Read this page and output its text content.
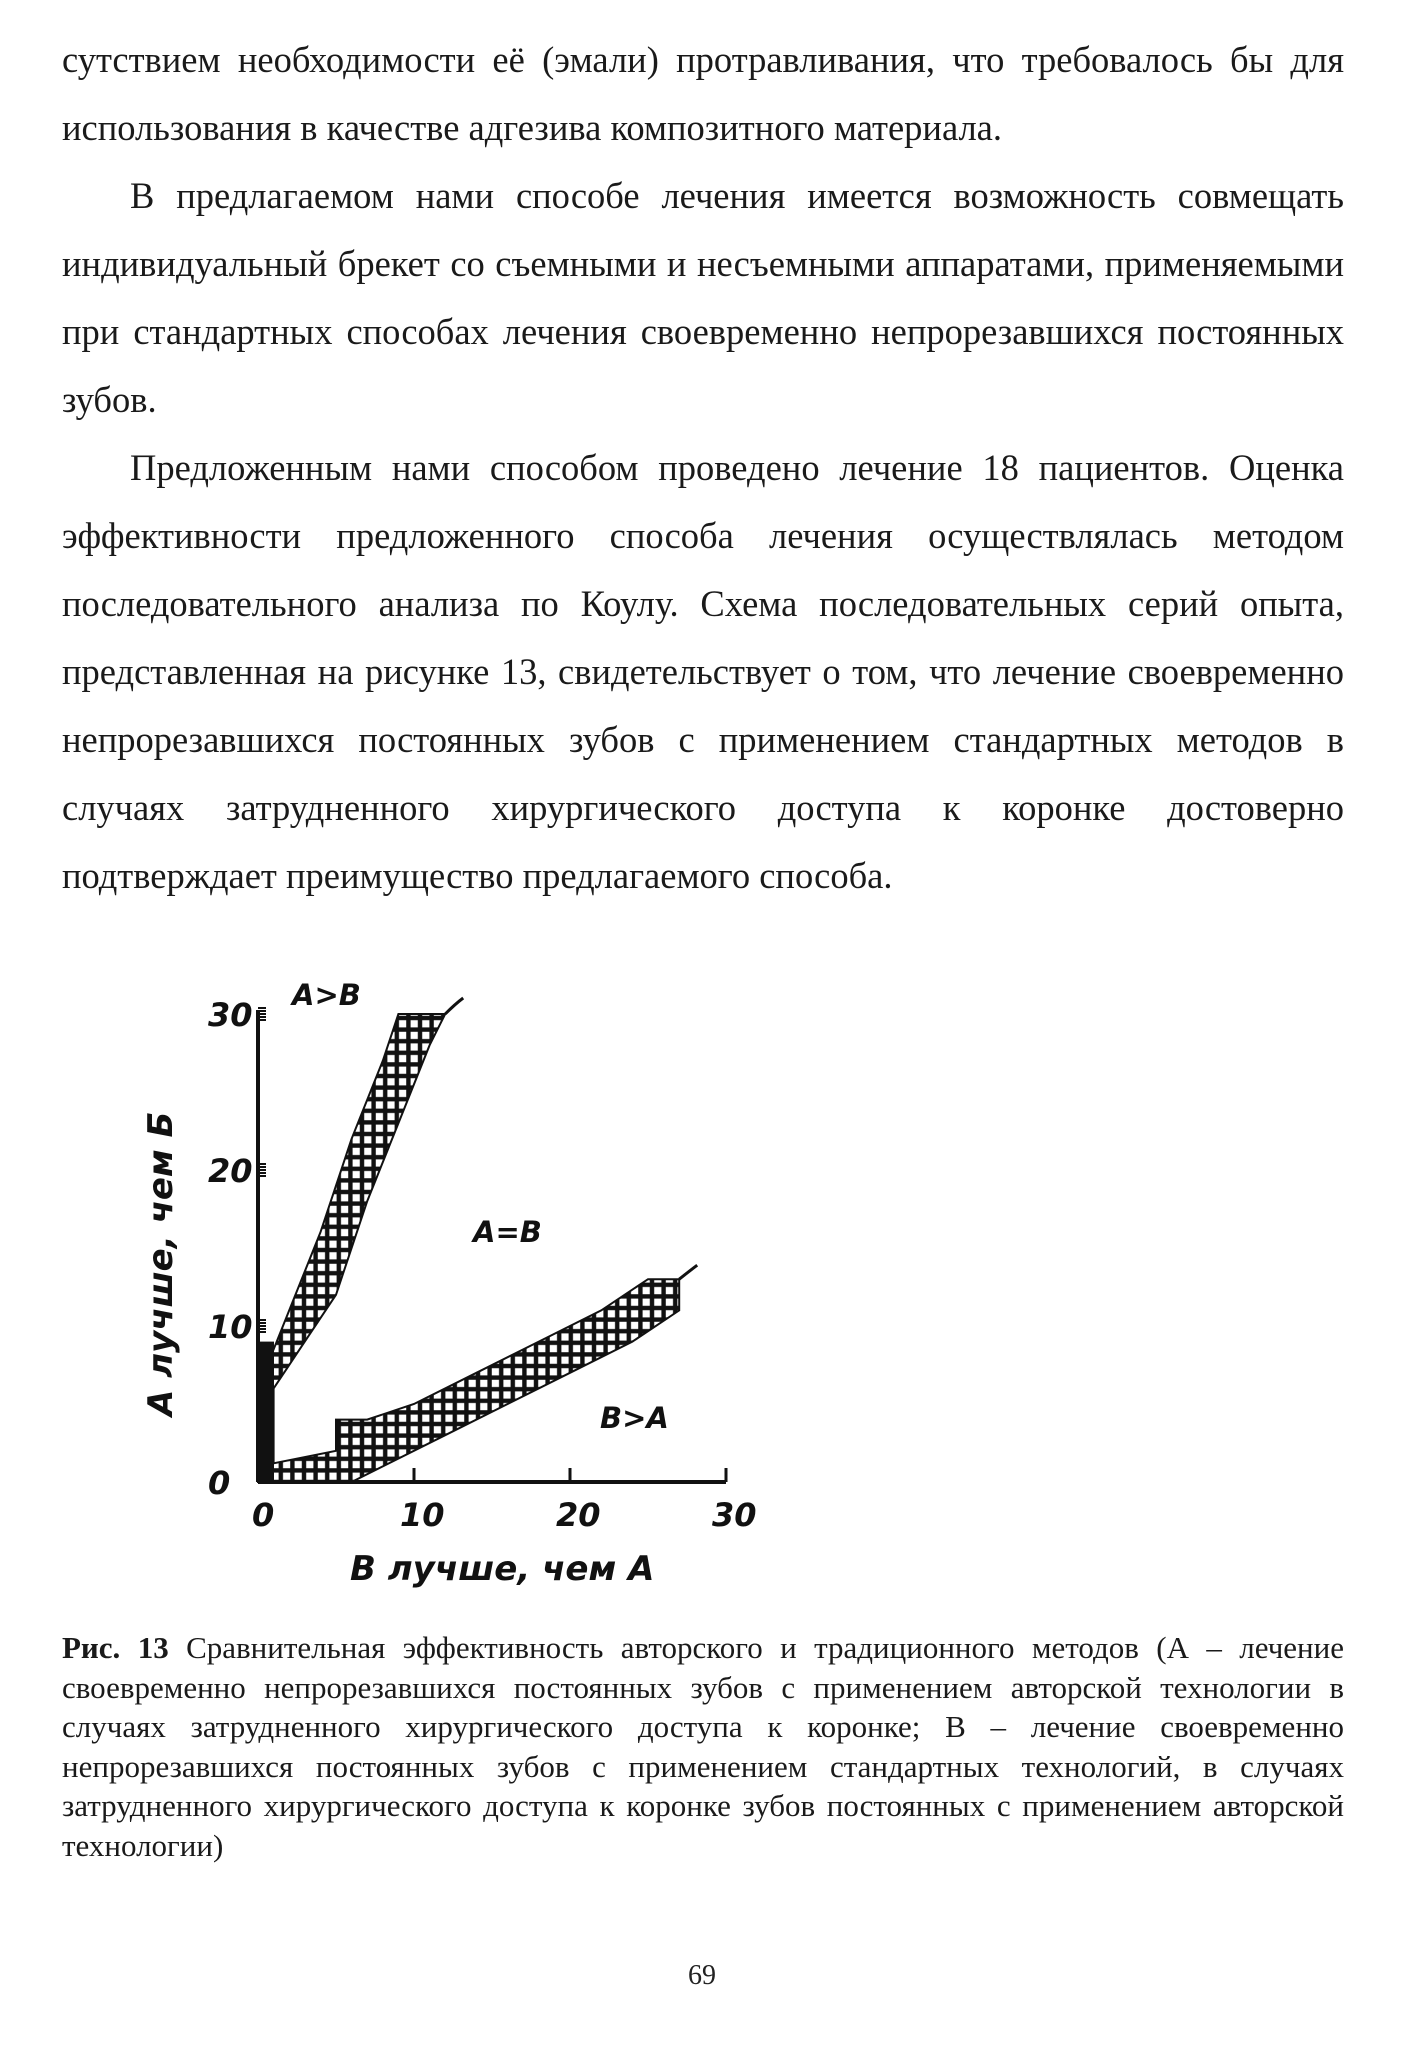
сутствием необходимости её (эмали) протравливания, что требовалось бы для использования в качестве адгезива композитного материала.

В предлагаемом нами способе лечения имеется возможность совмещать индивидуальный брекет со съемными и несъемными аппаратами, применяемыми при стандартных способах лечения своевременно непрорезавшихся постоянных зубов.

Предложенным нами способом проведено лечение 18 пациентов. Оценка эффективности предложенного способа лечения осуществлялась методом последовательного анализа по Коулу. Схема последовательных серий опыта, представленная на рисунке 13, свидетельствует о том, что лечение своевременно непрорезавшихся постоянных зубов с применением стандартных методов в случаях затрудненного хирургического доступа к коронке достоверно подтверждает преимущество предлагаемого способа.

0
10
20
30
0	10	20	30
А>В
А=В
В>А
А лучше, чем Б
В лучше, чем А

Рис. 13 Сравнительная эффективность авторского и традиционного методов (А – лечение своевременно непрорезавшихся постоянных зубов с применением авторской технологии в случаях затрудненного хирургического доступа к коронке; В – лечение своевременно непрорезавшихся постоянных зубов с применением стандартных технологий, в случаях затрудненного хирургического доступа к коронке зубов постоянных с применением авторской технологии)

69
